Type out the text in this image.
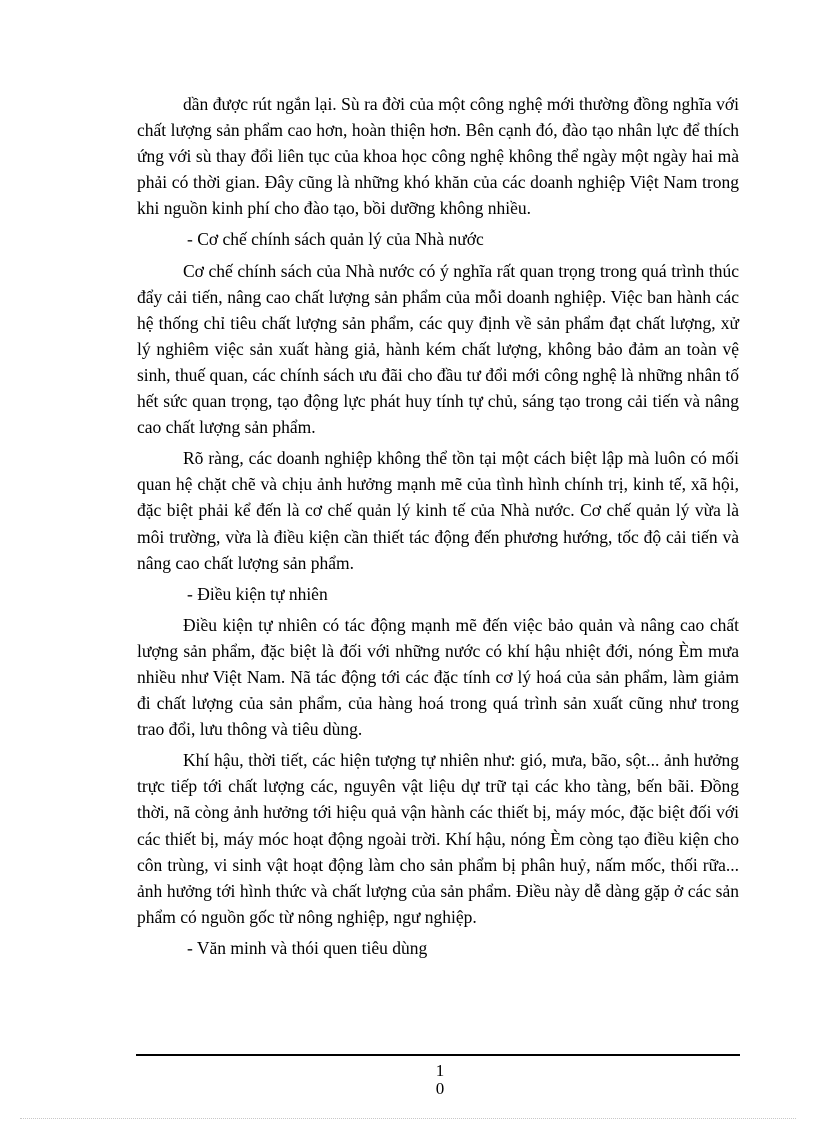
dần được rút ngắn lại. Sù ra đời của một công nghệ mới thường đồng nghĩa với chất lượng sản phẩm cao hơn, hoàn thiện hơn. Bên cạnh đó, đào tạo nhân lực để thích ứng với sù thay đổi liên tục của khoa học công nghệ không thể ngày một ngày hai mà phải có thời gian. Đây cũng là những khó khăn của các doanh nghiệp Việt Nam trong khi nguồn kinh phí cho đào tạo, bồi dưỡng không nhiều.

- Cơ chế chính sách quản lý của Nhà nước

Cơ chế chính sách của Nhà nước có ý nghĩa rất quan trọng trong quá trình thúc đẩy cải tiến, nâng cao chất lượng sản phẩm của mỗi doanh nghiệp. Việc ban hành các hệ thống chỉ tiêu chất lượng sản phẩm, các quy định về sản phẩm đạt chất lượng, xử lý nghiêm việc sản xuất hàng giả, hành kém chất lượng, không bảo đảm an toàn vệ sinh, thuế quan, các chính sách ưu đãi cho đầu tư đổi mới công nghệ là những nhân tố hết sức quan trọng, tạo động lực phát huy tính tự chủ, sáng tạo trong cải tiến và nâng cao chất lượng sản phẩm.

Rõ ràng, các doanh nghiệp không thể tồn tại một cách biệt lập mà luôn có mối quan hệ chặt chẽ và chịu ảnh hưởng mạnh mẽ của tình hình chính trị, kinh tế, xã hội, đặc biệt phải kể đến là cơ chế quản lý kinh tế của Nhà nước. Cơ chế quản lý vừa là môi trường, vừa là điều kiện cần thiết tác động đến phương hướng, tốc độ cải tiến và nâng cao chất lượng sản phẩm.

- Điều kiện tự nhiên

Điều kiện tự nhiên có tác động mạnh mẽ đến việc bảo quản và nâng cao chất lượng sản phẩm, đặc biệt là đối với những nước có khí hậu nhiệt đới, nóng Èm mưa nhiều như Việt Nam. Nã tác động tới các đặc tính cơ lý hoá của sản phẩm, làm giảm đi chất lượng của sản phẩm, của hàng hoá trong quá trình sản xuất cũng như trong trao đổi, lưu thông và tiêu dùng.

Khí hậu, thời tiết, các hiện tượng tự nhiên như: gió, mưa, bão, sột... ảnh hưởng trực tiếp tới chất lượng các, nguyên vật liệu dự trữ tại các kho tàng, bến bãi. Đồng thời, nã còng ảnh hưởng tới hiệu quả vận hành các thiết bị, máy móc, đặc biệt đối với các thiết bị, máy móc hoạt động ngoài trời. Khí hậu, nóng Èm còng tạo điều kiện cho côn trùng, vi sinh vật hoạt động làm cho sản phẩm bị phân huỷ, nấm mốc, thối rữa... ảnh hưởng tới hình thức và chất lượng của sản phẩm. Điều này dễ dàng gặp ở các sản phẩm có nguồn gốc từ nông nghiệp, ngư nghiệp.

- Văn minh và thói quen tiêu dùng

1
0
